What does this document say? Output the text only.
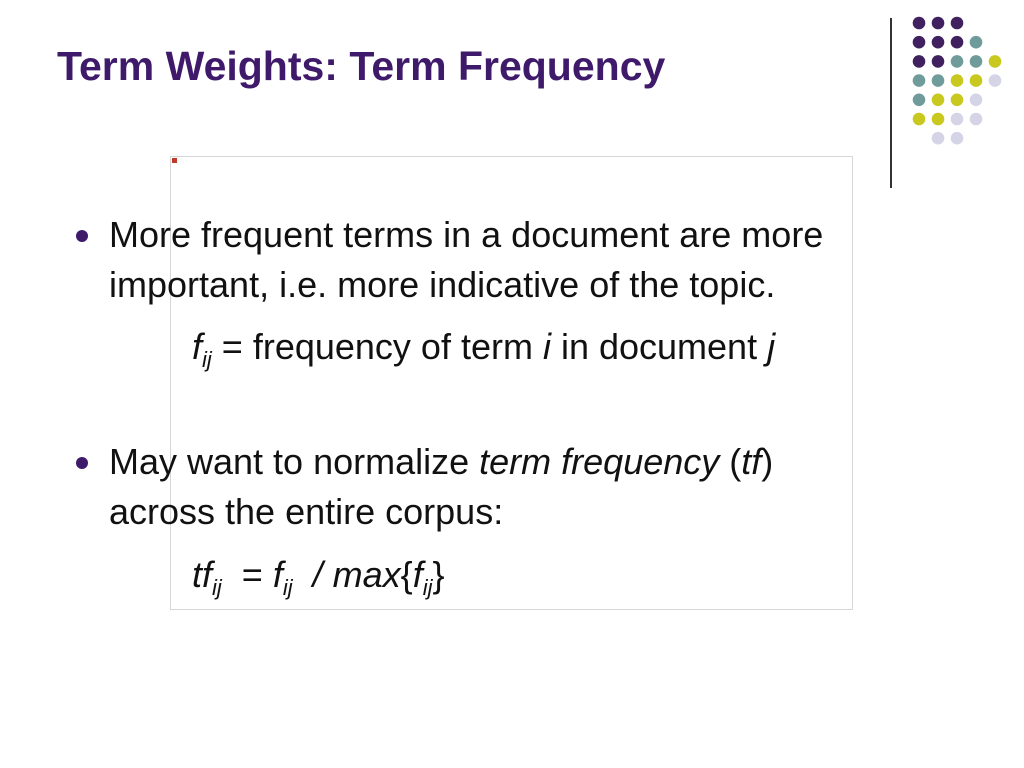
Term Weights: Term Frequency
More frequent terms in a document are more
important, i.e. more indicative of the topic.
$f_{ij}$ = frequency of term i in document j
May want to normalize term frequency (tf)
across the entire corpus:
$tf_{ij} = f_{ij} / \max\{f_{ij}\}$
